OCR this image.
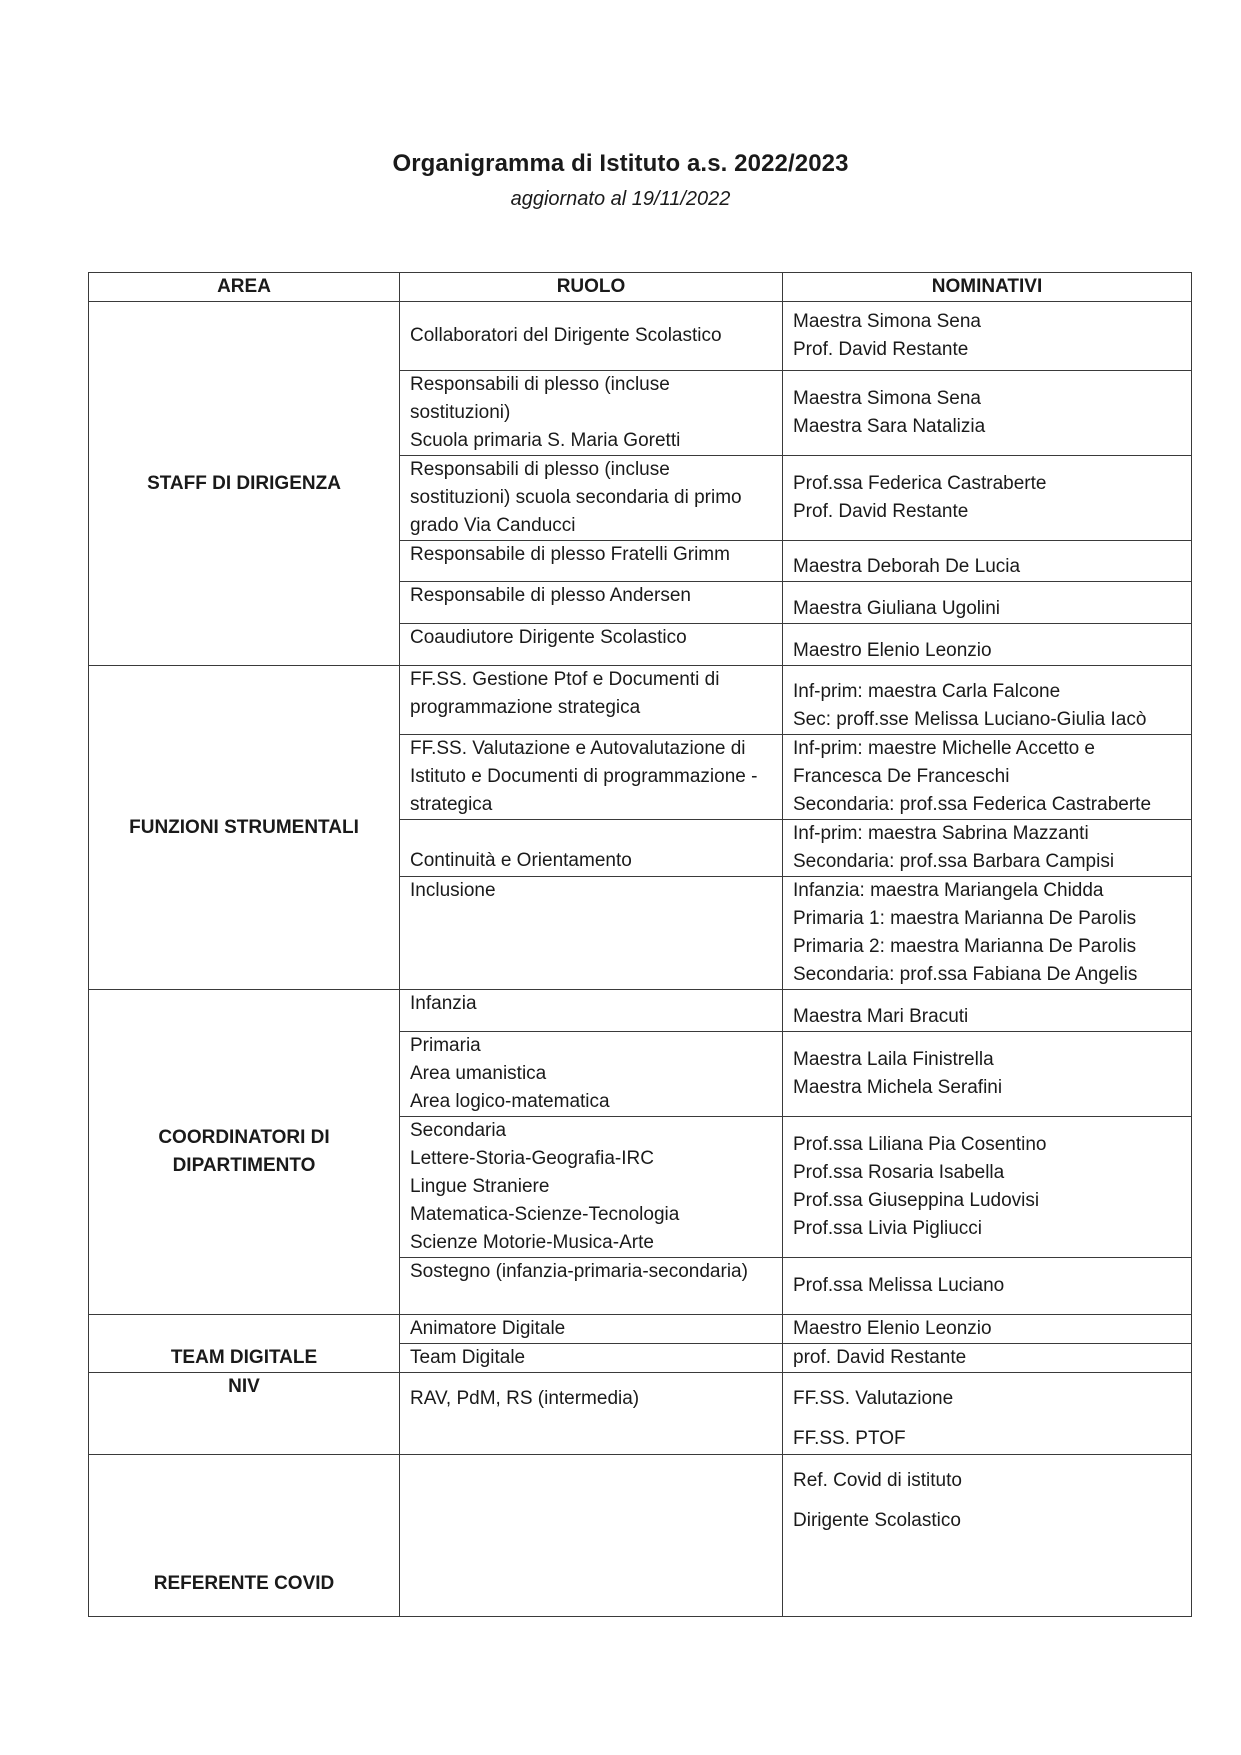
Organigramma di Istituto a.s. 2022/2023
aggiornato al 19/11/2022
AREA	RUOLO	NOMINATIVI
STAFF DI DIRIGENZA	Collaboratori del Dirigente Scolastico	Maestra Simona Sena
Prof. David Restante

	Responsabili di plesso (incluse sostituzioni)
Scuola primaria S. Maria Goretti	Maestra Simona Sena
Maestra Sara Natalizia

	Responsabili di plesso (incluse sostituzioni) scuola secondaria di primo grado Via Canducci	Prof.ssa Federica Castraberte
Prof. David Restante

	Responsabile di plesso Fratelli Grimm	Maestra Deborah De Lucia

	Responsabile di plesso Andersen	Maestra Giuliana Ugolini

	Coaudiutore Dirigente Scolastico	Maestro Elenio Leonzio

FUNZIONI STRUMENTALI	FF.SS. Gestione Ptof e Documenti di programmazione strategica	Inf-prim: maestra Carla Falcone
Sec: proff.sse Melissa Luciano-Giulia Iacò

	FF.SS. Valutazione e Autovalutazione di Istituto e Documenti di programmazione -strategica	Inf-prim: maestre Michelle Accetto e Francesca De Franceschi
Secondaria: prof.ssa Federica Castraberte

	Continuità e Orientamento	Inf-prim: maestra Sabrina Mazzanti
Secondaria: prof.ssa Barbara Campisi

	Inclusione	Infanzia: maestra Mariangela Chidda
Primaria 1: maestra Marianna De Parolis
Primaria 2: maestra Marianna De Parolis
Secondaria: prof.ssa Fabiana De Angelis

COORDINATORI DI DIPARTIMENTO	Infanzia	Maestra Mari Bracuti

	Primaria
Area umanistica
Area logico-matematica	Maestra Laila Finistrella
Maestra Michela Serafini

	Secondaria
Lettere-Storia-Geografia-IRC
Lingue Straniere
Matematica-Scienze-Tecnologia
Scienze Motorie-Musica-Arte	Prof.ssa Liliana Pia Cosentino
Prof.ssa Rosaria Isabella
Prof.ssa Giuseppina Ludovisi
Prof.ssa Livia Pigliucci

	Sostegno (infanzia-primaria-secondaria)	Prof.ssa Melissa Luciano

TEAM DIGITALE	Animatore Digitale	Maestro Elenio Leonzio

	Team Digitale	prof. David Restante

NIV	RAV, PdM, RS (intermedia)	FF.SS. Valutazione
FF.SS. PTOF

REFERENTE COVID		Ref. Covid di istituto
Dirigente Scolastico
